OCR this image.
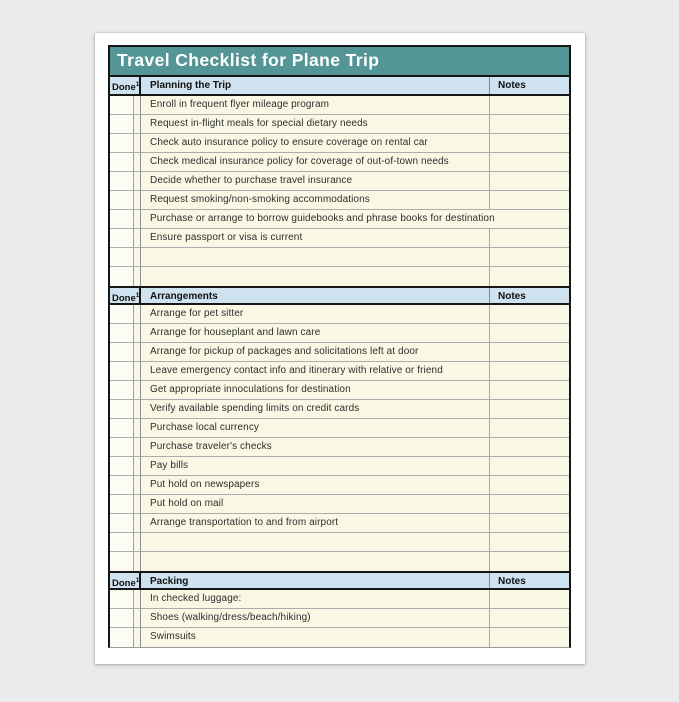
Travel Checklist for Plane Trip
Done$^1$	Planning the Trip	Notes
Enroll in frequent flyer mileage program
Request in-flight meals for special dietary needs
Check auto insurance policy to ensure coverage on rental car
Check medical insurance policy for coverage of out-of-town needs
Decide whether to purchase travel insurance
Request smoking/non-smoking accommodations
Purchase or arrange to borrow guidebooks and phrase books for destination
Ensure passport or visa is current
Done$^1$	Arrangements	Notes
Arrange for pet sitter
Arrange for houseplant and lawn care
Arrange for pickup of packages and solicitations left at door
Leave emergency contact info and itinerary with relative or friend
Get appropriate innoculations for destination
Verify available spending limits on credit cards
Purchase local currency
Purchase traveler's checks
Pay bills
Put hold on newspapers
Put hold on mail
Arrange transportation to and from airport
Done$^1$	Packing	Notes
In checked luggage:
Shoes (walking/dress/beach/hiking)
Swimsuits
